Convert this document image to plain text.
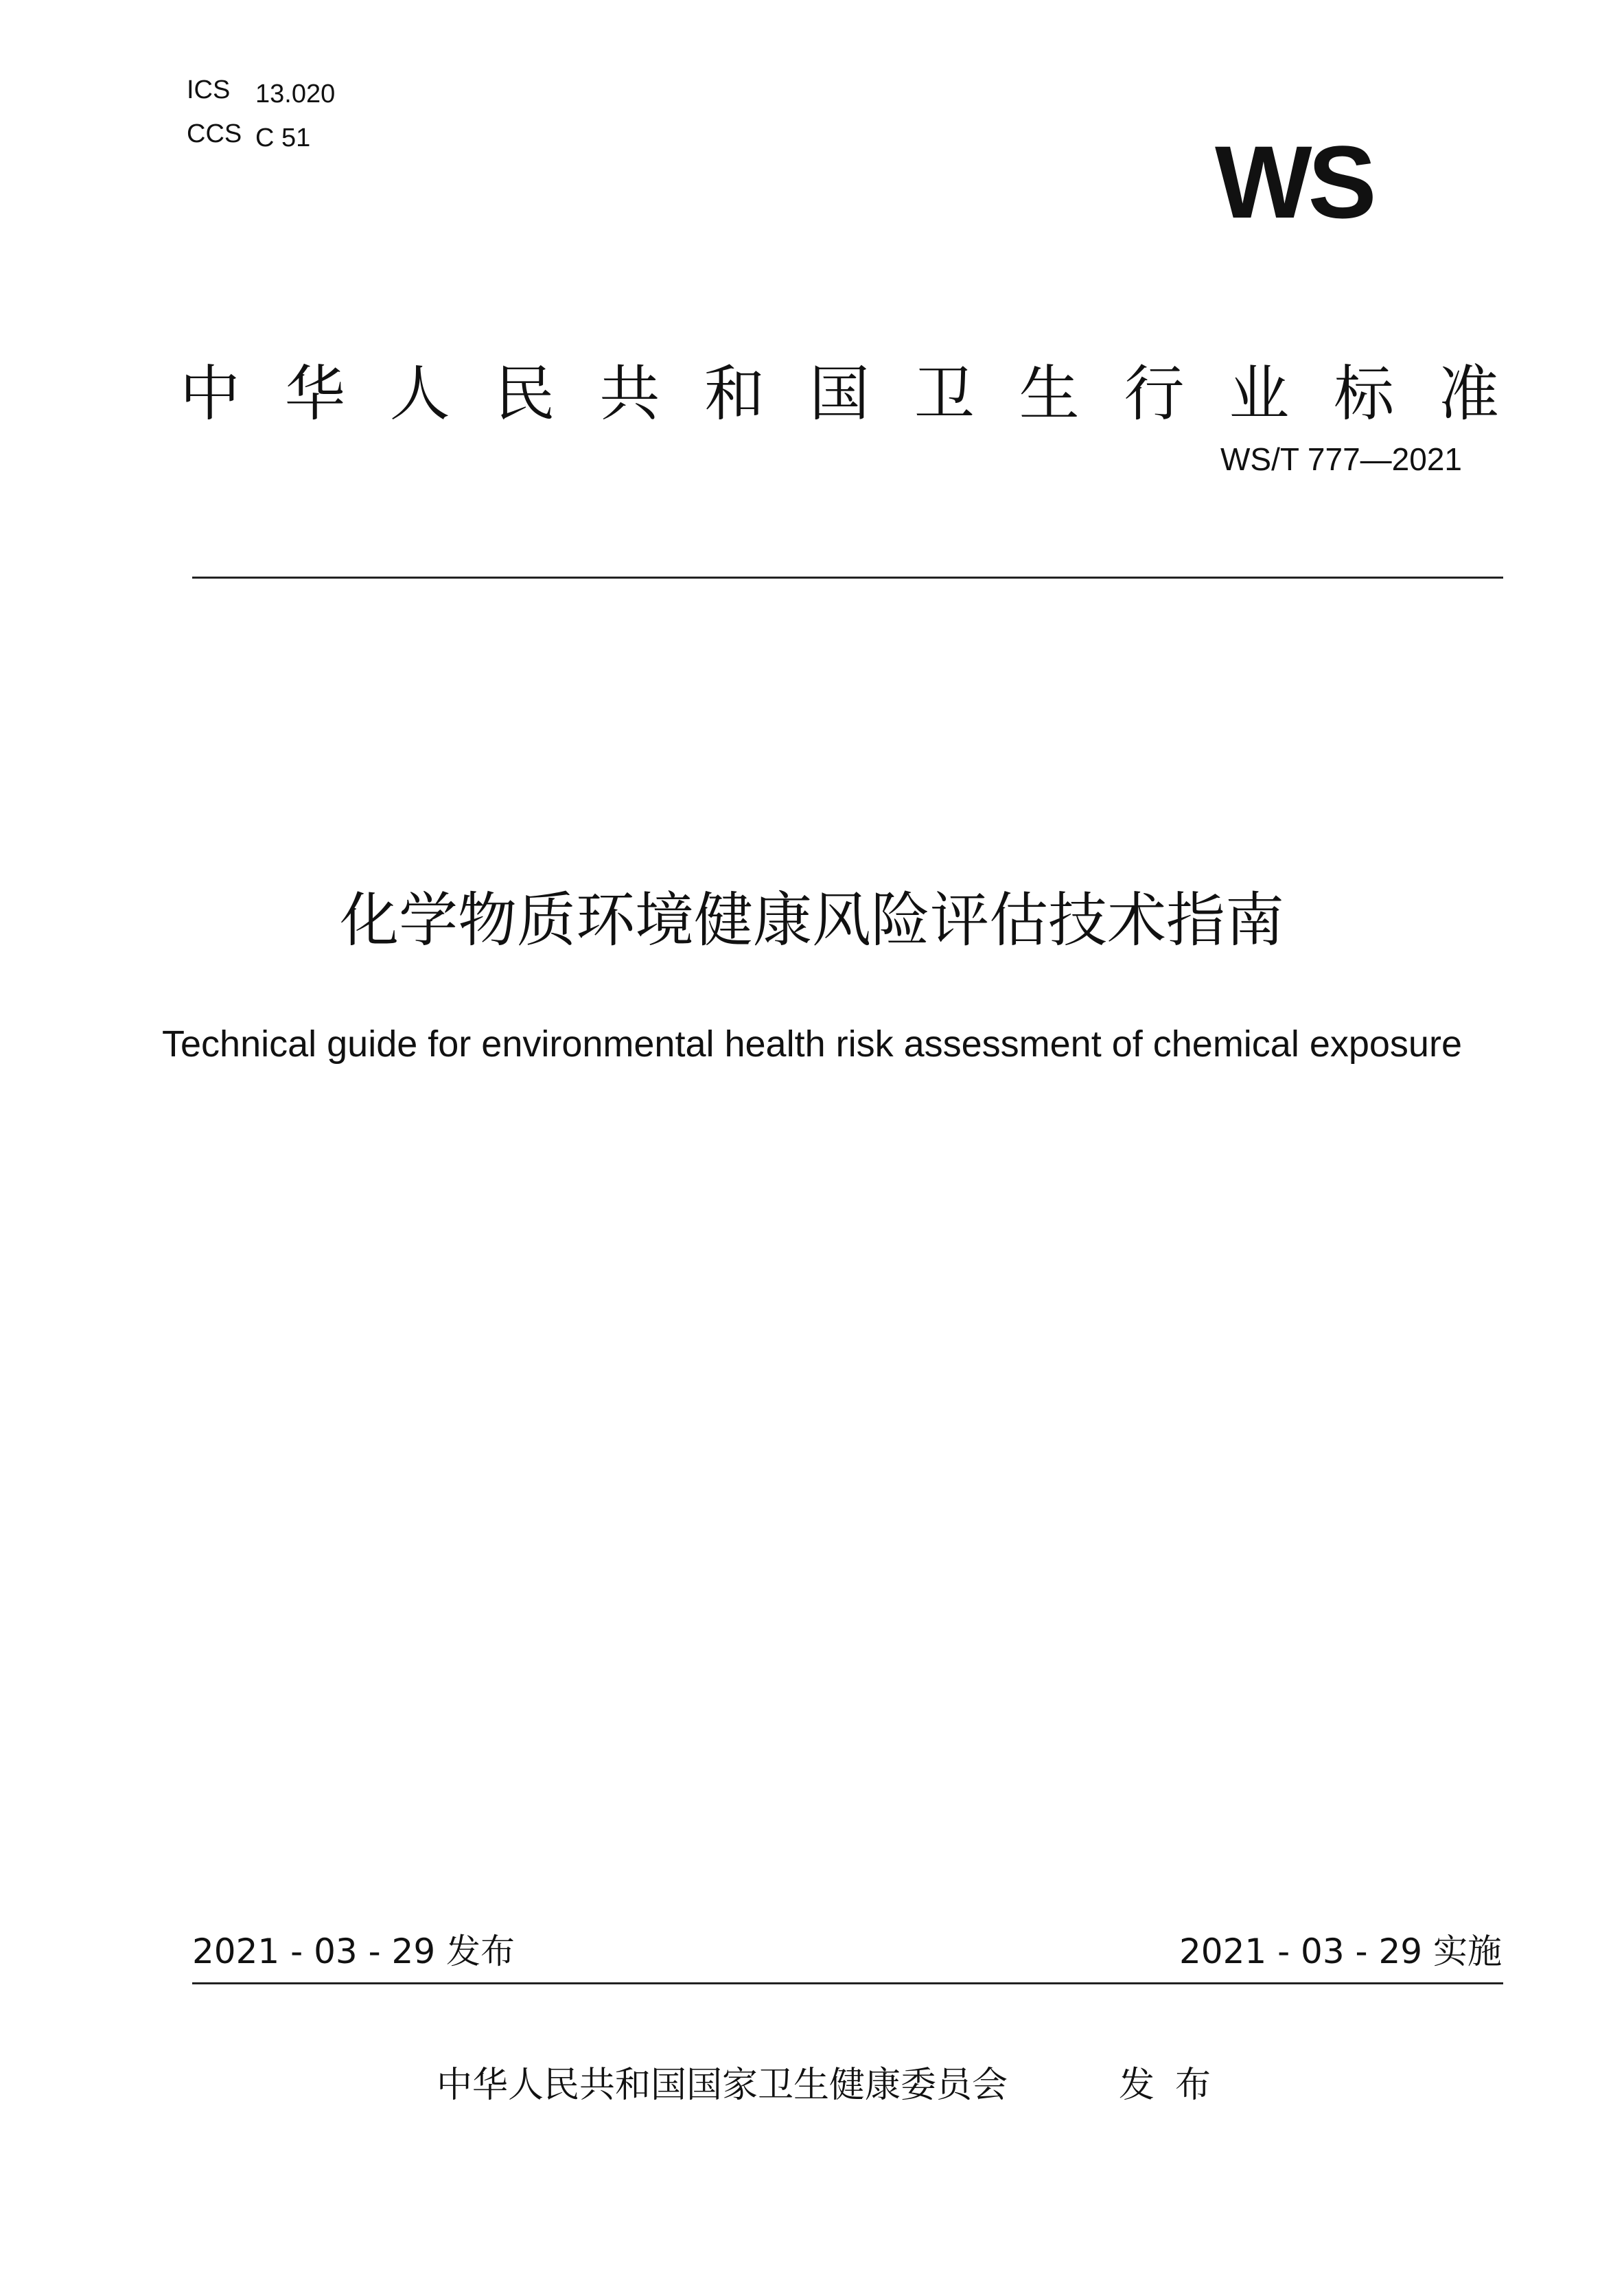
ICS 13.020
CCS C 51	WS
中 华 人 民 共 和 国 卫 生 行 业 标 准
WS/T 777—2021
化学物质环境健康风险评估技术指南
Technical guide for environmental health risk assessment of chemical exposure
2021 - 03 - 29 发布	2021 - 03 - 29 实施
中华人民共和国国家卫生健康委员会	发布
